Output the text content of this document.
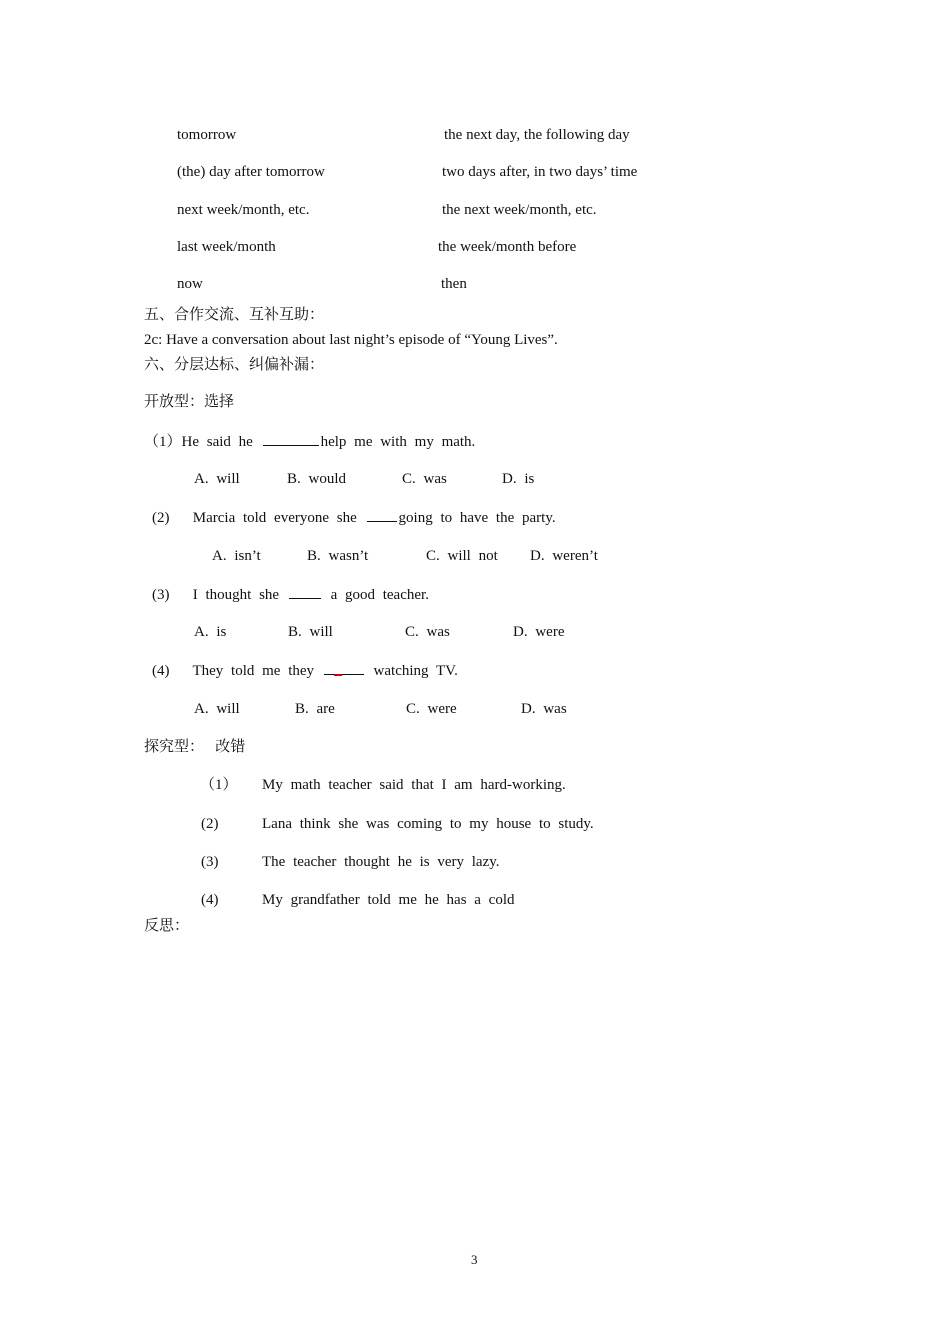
tomorrow	the next day, the following day
(the) day after tomorrow	two days after, in two days’ time
next week/month, etc.	the next week/month, etc.
last week/month	the week/month before
now	then
五、合作交流、互补互助：
2c: Have a conversation about last night’s episode of “Young Lives”.
六、分层达标、纠偏补漏：
开放型：选择
（1）He said he	help me with my math.
A. will	B. would	C. was	D. is
(2) Marcia told everyone she	going to have the party.
A. isn’t	B. wasn’t	C. will not D. weren’t
(3) I thought she	a good teacher.
A. is	B. will	C. was	D. were
(4) They told me they	watching TV.
A. will	B. are	C. were	D. was
探究型： 改错
（1） My math teacher said that I am hard-working.
(2)	Lana think she was coming to my house to study.
(3)	The teacher thought he is very lazy.
(4)	My grandfather told me he has a cold
反思：
3
